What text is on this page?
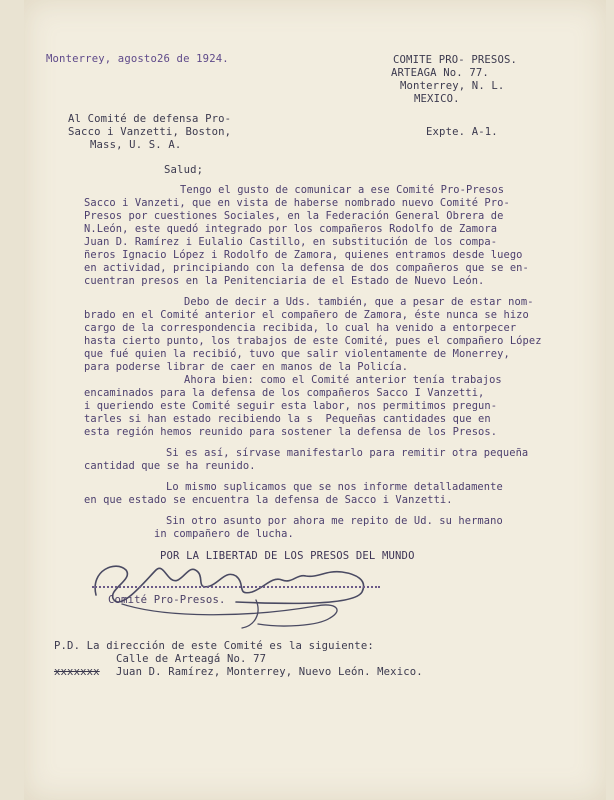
Monterrey, agosto26 de 1924.	COMITE PRO- PRESOS.
ARTEAGA No. 77.
Monterrey, N. L.
MEXICO.
Al Comité de defensa Pro-
Sacco i Vanzetti, Boston,
Mass, U. S. A.
Expte. A-1.
Salud;
Tengo el gusto de comunicar a ese Comité Pro-Presos
Sacco i Vanzeti, que en vista de haberse nombrado nuevo Comité Pro-
Presos por cuestiones Sociales, en la Federación General Obrera de
N.León, este quedó integrado por los compañeros Rodolfo de Zamora
Juan D. Ramírez i Eulalio Castillo, en substitución de los compa-
ñeros Ignacio López i Rodolfo de Zamora, quienes entramos desde luego
en actividad, principiando con la defensa de dos compañeros que se en-
cuentran presos en la Penitenciaria de el Estado de Nuevo León.
Debo de decir a Uds. también, que a pesar de estar nom-
brado en el Comité anterior el compañero de Zamora, éste nunca se hizo
cargo de la correspondencia recibida, lo cual ha venido a entorpecer
hasta cierto punto, los trabajos de este Comité, pues el compañero López
que fué quien la recibió, tuvo que salir violentamente de Monerrey,
para poderse librar de caer en manos de la Policía.
Ahora bien: como el Comité anterior tenía trabajos
encaminados para la defensa de los compañeros Sacco I Vanzetti,
i queriendo este Comité seguir esta labor, nos permitimos pregun-
tarles si han estado recibiendo la s  Pequeñas cantidades que en
esta región hemos reunido para sostener la defensa de los Presos.
Si es así, sírvase manifestarlo para remitir otra pequeña
cantidad que se ha reunido.
Lo mismo suplicamos que se nos informe detalladamente
en que estado se encuentra la defensa de Sacco i Vanzetti.
Sin otro asunto por ahora me repito de Ud. su hermano
in compañero de lucha.
POR LA LIBERTAD DE LOS PRESOS DEL MUNDO
Comité Pro-Presos.
P.D. La dirección de este Comité es la siguiente:
Calle de Arteagá No. 77
xxxxxxx Juan D. Ramírez, Monterrey, Nuevo León. Mexico.
